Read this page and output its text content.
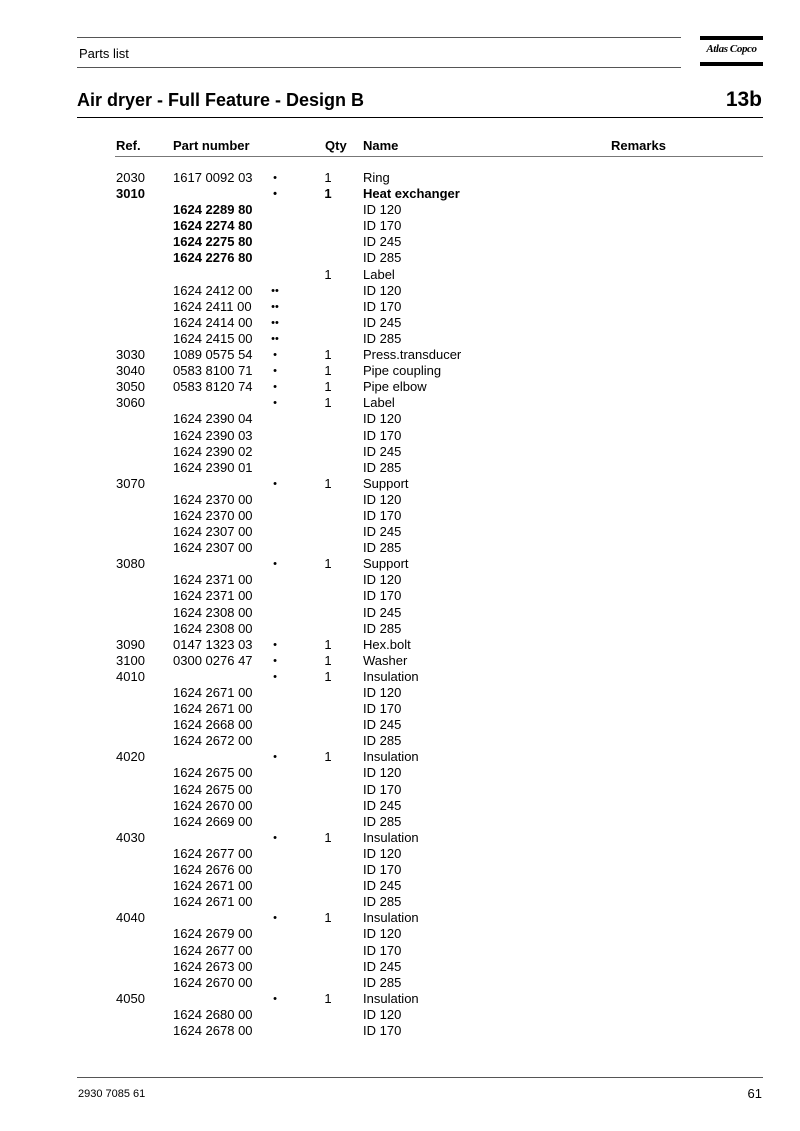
Parts list	Atlas Copco
Air dryer - Full Feature - Design B	13b
Ref. Part number	Qty Name	Remarks
2030 1617 0092 03	•	1	Ring
3010	•	1	Heat exchanger
1624 2289 80	ID 120
1624 2274 80	ID 170
1624 2275 80	ID 245
1624 2276 80	ID 285
1	Label
1624 2412 00	••	ID 120
1624 2411 00	••	ID 170
1624 2414 00	••	ID 245
1624 2415 00	••	ID 285
3030 1089 0575 54	•	1	Press.transducer
3040 0583 8100 71	•	1	Pipe coupling
3050 0583 8120 74	•	1	Pipe elbow
3060	•	1	Label
1624 2390 04	ID 120
1624 2390 03	ID 170
1624 2390 02	ID 245
1624 2390 01	ID 285
3070	•	1	Support
1624 2370 00	ID 120
1624 2370 00	ID 170
1624 2307 00	ID 245
1624 2307 00	ID 285
3080	•	1	Support
1624 2371 00	ID 120
1624 2371 00	ID 170
1624 2308 00	ID 245
1624 2308 00	ID 285
3090 0147 1323 03	•	1	Hex.bolt
3100 0300 0276 47	•	1	Washer
4010	•	1	Insulation
1624 2671 00	ID 120
1624 2671 00	ID 170
1624 2668 00	ID 245
1624 2672 00	ID 285
4020	•	1	Insulation
1624 2675 00	ID 120
1624 2675 00	ID 170
1624 2670 00	ID 245
1624 2669 00	ID 285
4030	•	1	Insulation
1624 2677 00	ID 120
1624 2676 00	ID 170
1624 2671 00	ID 245
1624 2671 00	ID 285
4040	•	1	Insulation
1624 2679 00	ID 120
1624 2677 00	ID 170
1624 2673 00	ID 245
1624 2670 00	ID 285
4050	•	1	Insulation
1624 2680 00	ID 120
1624 2678 00	ID 170
2930 7085 61	61
